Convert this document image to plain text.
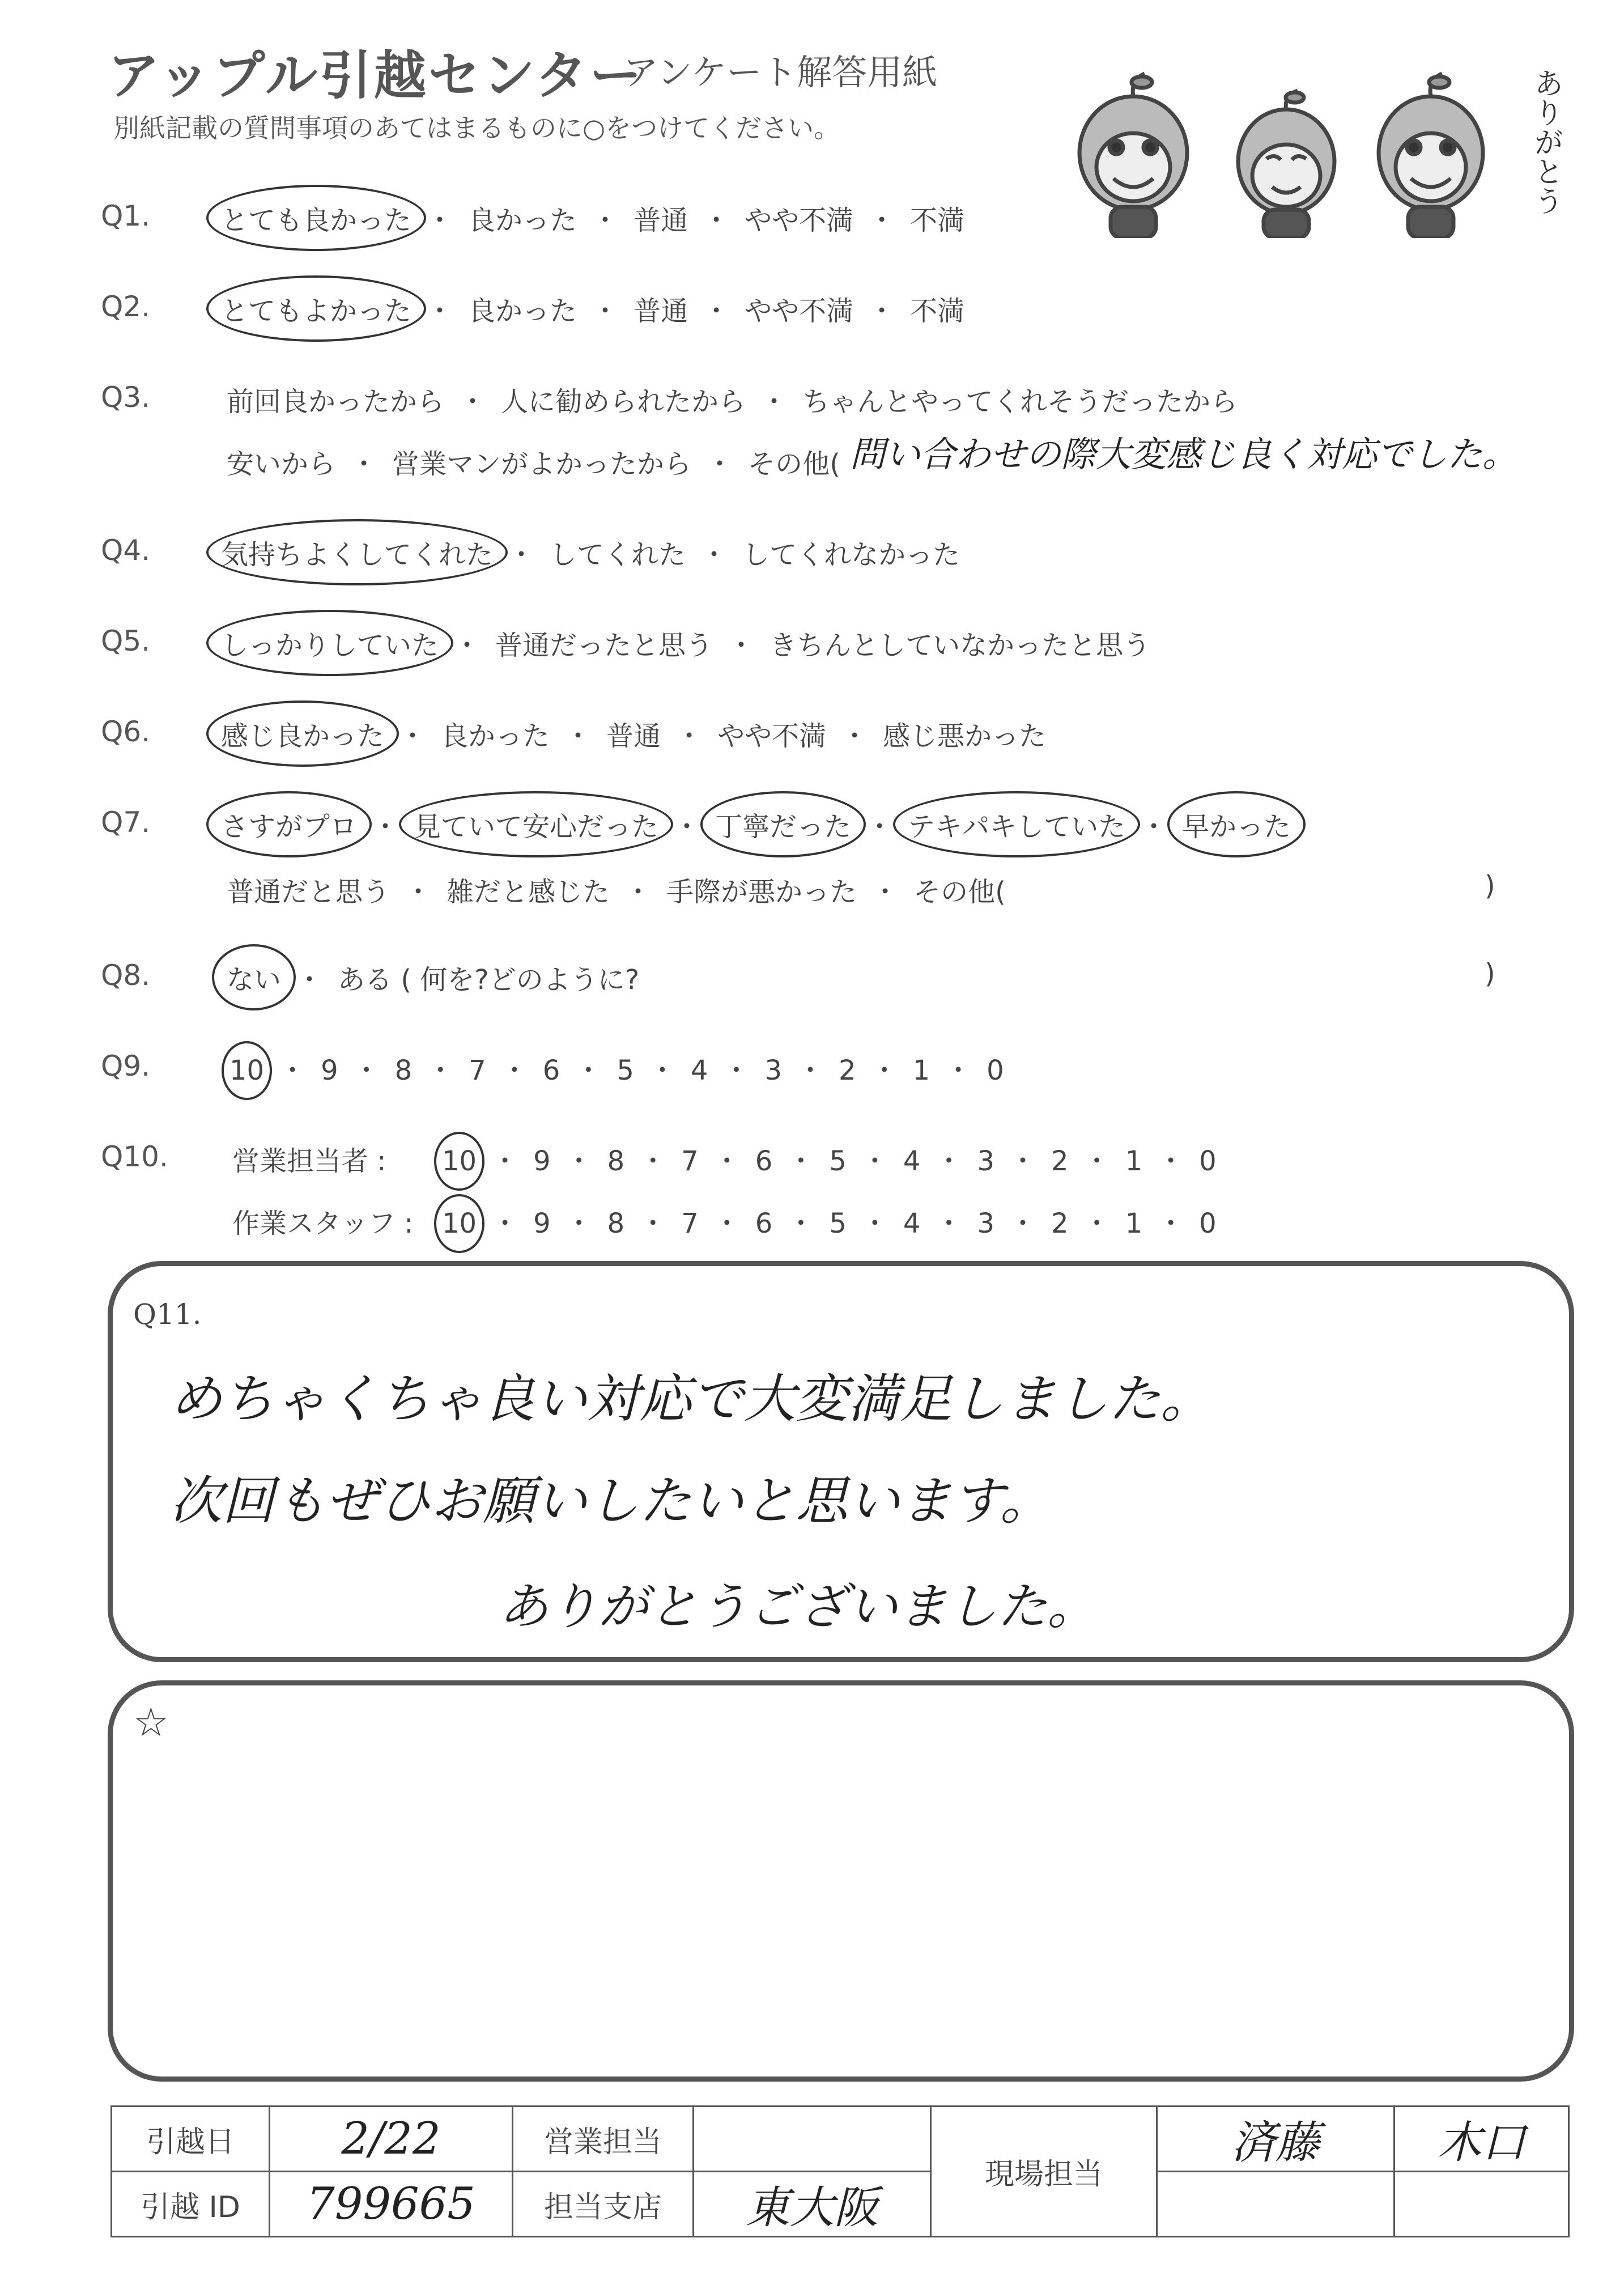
アップル引越センター
アンケート解答用紙
別紙記載の質問事項のあてはまるものに○をつけてください。	ありがとう
Q1.	とても良かった ・ 良かった ・ 普通 ・ やや不満 ・ 不満
Q2.	とてもよかった ・ 良かった ・ 普通 ・ やや不満 ・ 不満
Q3.	前回良かったから ・ 人に勧められたから ・ ちゃんとやってくれそうだったから
安いから ・ 営業マンがよかったから ・ その他( 問い合わせの際大変感じ良く対応でした。
Q4.	気持ちよくしてくれた ・ してくれた ・ してくれなかった
Q5.	しっかりしていた ・ 普通だったと思う ・ きちんとしていなかったと思う
Q6.	感じ良かった ・ 良かった ・ 普通 ・ やや不満 ・ 感じ悪かった
Q7.	さすがプロ ・ 見ていて安心だった ・ 丁寧だった ・ テキパキしていた ・ 早かった
普通だと思う ・ 雑だと感じた ・ 手際が悪かった ・ その他(	)
Q8.	ない ・ ある ( 何を?どのように?	)
Q9.	10 ・ 9 ・ 8 ・ 7 ・ 6 ・ 5 ・ 4 ・ 3 ・ 2 ・ 1 ・ 0
Q10. 営業担当者 : 10 ・ 9 ・ 8 ・ 7 ・ 6 ・ 5 ・ 4 ・ 3 ・ 2 ・ 1 ・ 0
作業スタッフ : 10 ・ 9 ・ 8 ・ 7 ・ 6 ・ 5 ・ 4 ・ 3 ・ 2 ・ 1 ・ 0
Q11.
めちゃくちゃ良い対応で大変満足しました。
次回もぜひお願いしたいと思います。
ありがとうございました。
☆
引越日	2/22	営業担当		現場担当	済藤	木口
引越 ID	799665	担当支店	東大阪			
